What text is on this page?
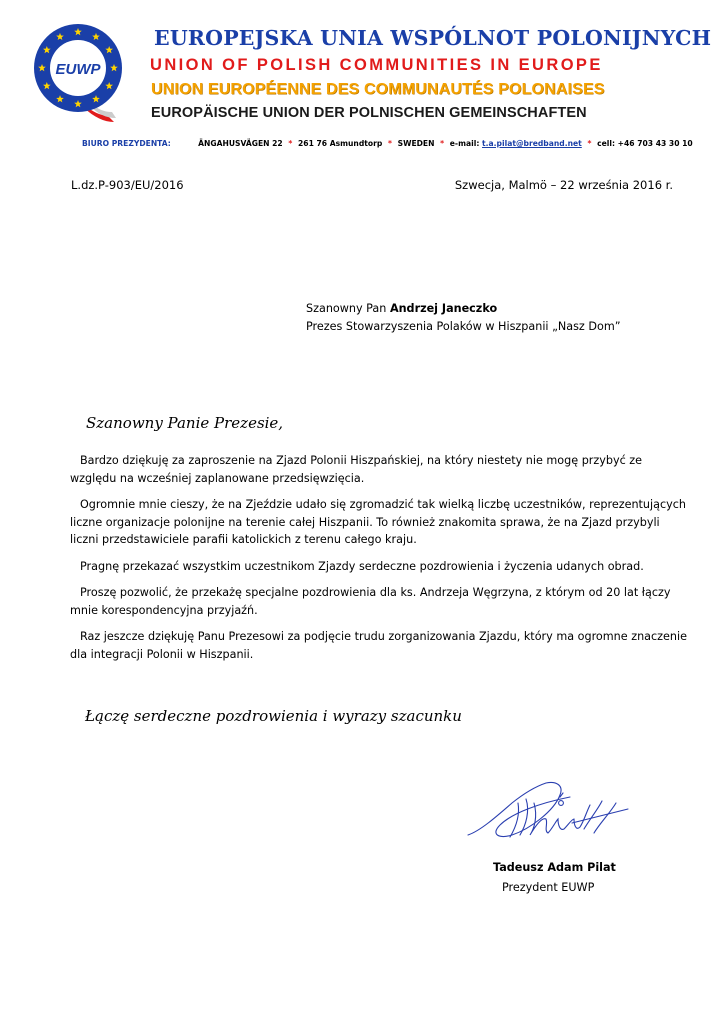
EUWP
EUROPEJSKA UNIA WSPÓLNOT POLONIJNYCH
UNION OF POLISH COMMUNITIES IN EUROPE
UNION EUROPÉENNE DES COMMUNAUTÉS POLONAISES
EUROPÄISCHE UNION DER POLNISCHEN GEMEINSCHAFTEN
BIURO PREZYDENTA:	ÄNGAHUSVÄGEN 22 * 261 76 Asmundtorp * SWEDEN * e-mail: t.a.pilat@bredband.net * cell: +46 703 43 30 10
L.dz.P-903/EU/2016	Szwecja, Malmö – 22 września 2016 r.
Szanowny Pan Andrzej Janeczko
Prezes Stowarzyszenia Polaków w Hiszpanii „Nasz Dom”
Szanowny Panie Prezesie,

Bardzo dziękuję za zaproszenie na Zjazd Polonii Hiszpańskiej, na który niestety nie mogę przybyć ze względu na wcześniej zaplanowane przedsięwzięcia.

Ogromnie mnie cieszy, że na Zjeździe udało się zgromadzić tak wielką liczbę uczestników, reprezentujących liczne organizacje polonijne na terenie całej Hiszpanii. To również znakomita sprawa, że na Zjazd przybyli liczni przedstawiciele parafii katolickich z terenu całego kraju.

Pragnę przekazać wszystkim uczestnikom Zjazdy serdeczne pozdrowienia i życzenia udanych obrad.

Proszę pozwolić, że przekażę specjalne pozdrowienia dla ks. Andrzeja Węgrzyna, z którym od 20 lat łączy mnie korespondencyjna przyjaźń.

Raz jeszcze dziękuję Panu Prezesowi za podjęcie trudu zorganizowania Zjazdu, który ma ogromne znaczenie dla integracji Polonii w Hiszpanii.

Łączę serdeczne pozdrowienia i wyrazy szacunku
Tadeusz Adam Pilat
Prezydent EUWP
